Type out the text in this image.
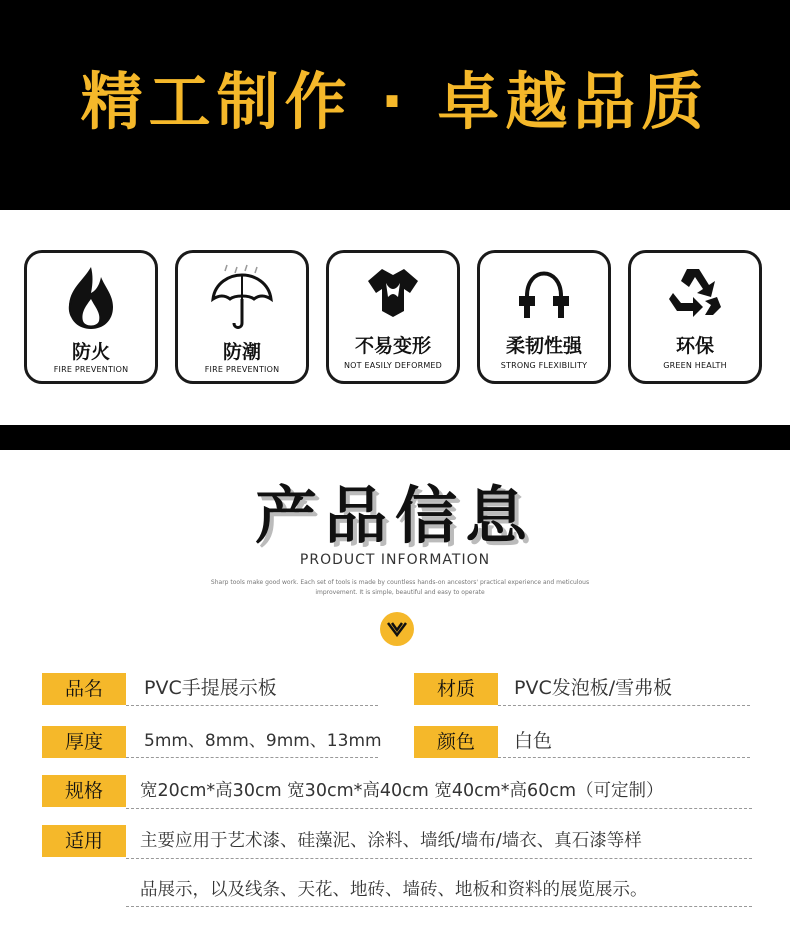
精工制作 · 卓越品质
防火
FIRE PREVENTION
防潮
FIRE PREVENTION
不易变形
NOT EASILY DEFORMED
柔韧性强
STRONG FLEXIBILITY
环保
GREEN HEALTH
产品信息
PRODUCT INFORMATION
Sharp tools make good work. Each set of tools is made by countless hands-on ancestors' practical experience and meticulous improvement. It is simple, beautiful and easy to operate
品名	PVC手提展示板	材质	PVC发泡板/雪弗板
厚度	5mm、8mm、9mm、13mm	颜色	白色
规格	宽20cm*高30cm 宽30cm*高40cm 宽40cm*高60cm（可定制）
适用	主要应用于艺术漆、硅藻泥、涂料、墙纸/墙布/墙衣、真石漆等样
品展示，以及线条、天花、地砖、墙砖、地板和资料的展览展示。
